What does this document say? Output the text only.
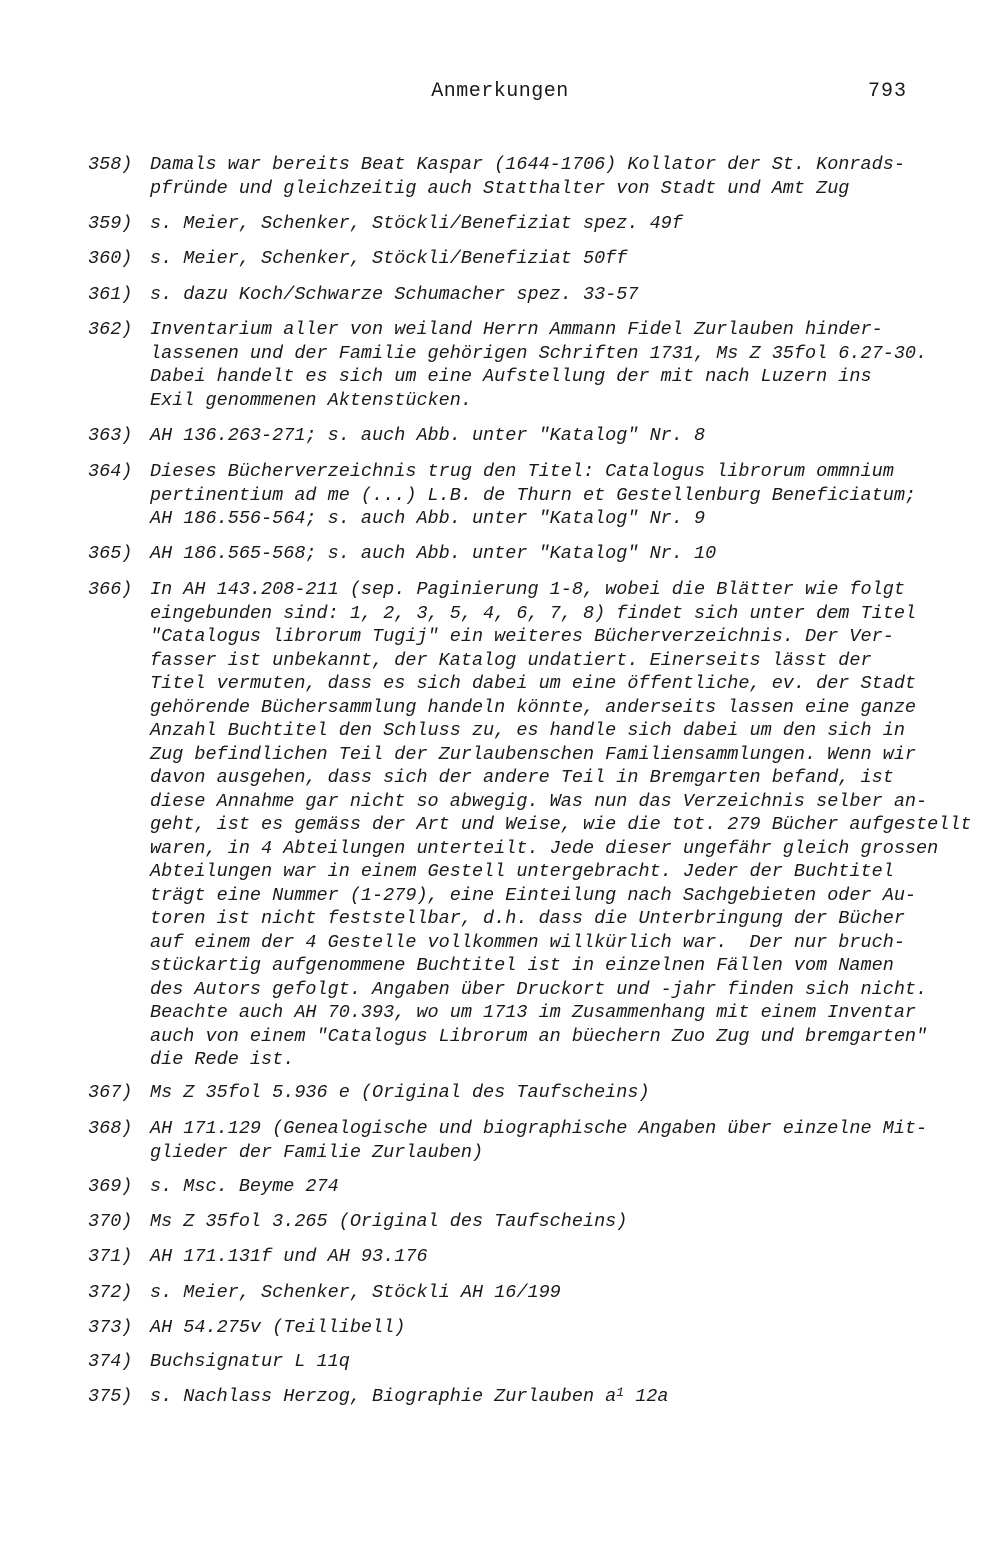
Anmerkungen	793
358) Damals war bereits Beat Kaspar (1644-1706) Kollator der St. Konrads-
pfründe und gleichzeitig auch Statthalter von Stadt und Amt Zug
359) s. Meier, Schenker, Stöckli/Benefiziat spez. 49f
360) s. Meier, Schenker, Stöckli/Benefiziat 50ff
361) s. dazu Koch/Schwarze Schumacher spez. 33-57
362) Inventarium aller von weiland Herrn Ammann Fidel Zurlauben hinder-
lassenen und der Familie gehörigen Schriften 1731, Ms Z 35fol 6.27-30.
Dabei handelt es sich um eine Aufstellung der mit nach Luzern ins
Exil genommenen Aktenstücken.
363) AH 136.263-271; s. auch Abb. unter "Katalog" Nr. 8
364) Dieses Bücherverzeichnis trug den Titel: Catalogus librorum ommnium
pertinentium ad me (...) L.B. de Thurn et Gestellenburg Beneficiatum;
AH 186.556-564; s. auch Abb. unter "Katalog" Nr. 9
365) AH 186.565-568; s. auch Abb. unter "Katalog" Nr. 10
366) In AH 143.208-211 (sep. Paginierung 1-8, wobei die Blätter wie folgt
eingebunden sind: 1, 2, 3, 5, 4, 6, 7, 8) findet sich unter dem Titel
"Catalogus librorum Tugij" ein weiteres Bücherverzeichnis. Der Ver-
fasser ist unbekannt, der Katalog undatiert. Einerseits lässt der
Titel vermuten, dass es sich dabei um eine öffentliche, ev. der Stadt
gehörende Büchersammlung handeln könnte, anderseits lassen eine ganze
Anzahl Buchtitel den Schluss zu, es handle sich dabei um den sich in
Zug befindlichen Teil der Zurlaubenschen Familiensammlungen. Wenn wir
davon ausgehen, dass sich der andere Teil in Bremgarten befand, ist
diese Annahme gar nicht so abwegig. Was nun das Verzeichnis selber an-
geht, ist es gemäss der Art und Weise, wie die tot. 279 Bücher aufgestellt
waren, in 4 Abteilungen unterteilt. Jede dieser ungefähr gleich grossen
Abteilungen war in einem Gestell untergebracht. Jeder der Buchtitel
trägt eine Nummer (1-279), eine Einteilung nach Sachgebieten oder Au-
toren ist nicht feststellbar, d.h. dass die Unterbringung der Bücher
auf einem der 4 Gestelle vollkommen willkürlich war.  Der nur bruch-
stückartig aufgenommene Buchtitel ist in einzelnen Fällen vom Namen
des Autors gefolgt. Angaben über Druckort und -jahr finden sich nicht.
Beachte auch AH 70.393, wo um 1713 im Zusammenhang mit einem Inventar
auch von einem "Catalogus Librorum an büechern Zuo Zug und bremgarten"
die Rede ist.
367) Ms Z 35fol 5.936 e (Original des Taufscheins)
368) AH 171.129 (Genealogische und biographische Angaben über einzelne Mit-
glieder der Familie Zurlauben)
369) s. Msc. Beyme 274
370) Ms Z 35fol 3.265 (Original des Taufscheins)
371) AH 171.131f und AH 93.176
372) s. Meier, Schenker, Stöckli AH 16/199
373) AH 54.275v (Teillibell)
374) Buchsignatur L 11q
375) s. Nachlass Herzog, Biographie Zurlauben $a^1$ 12a
